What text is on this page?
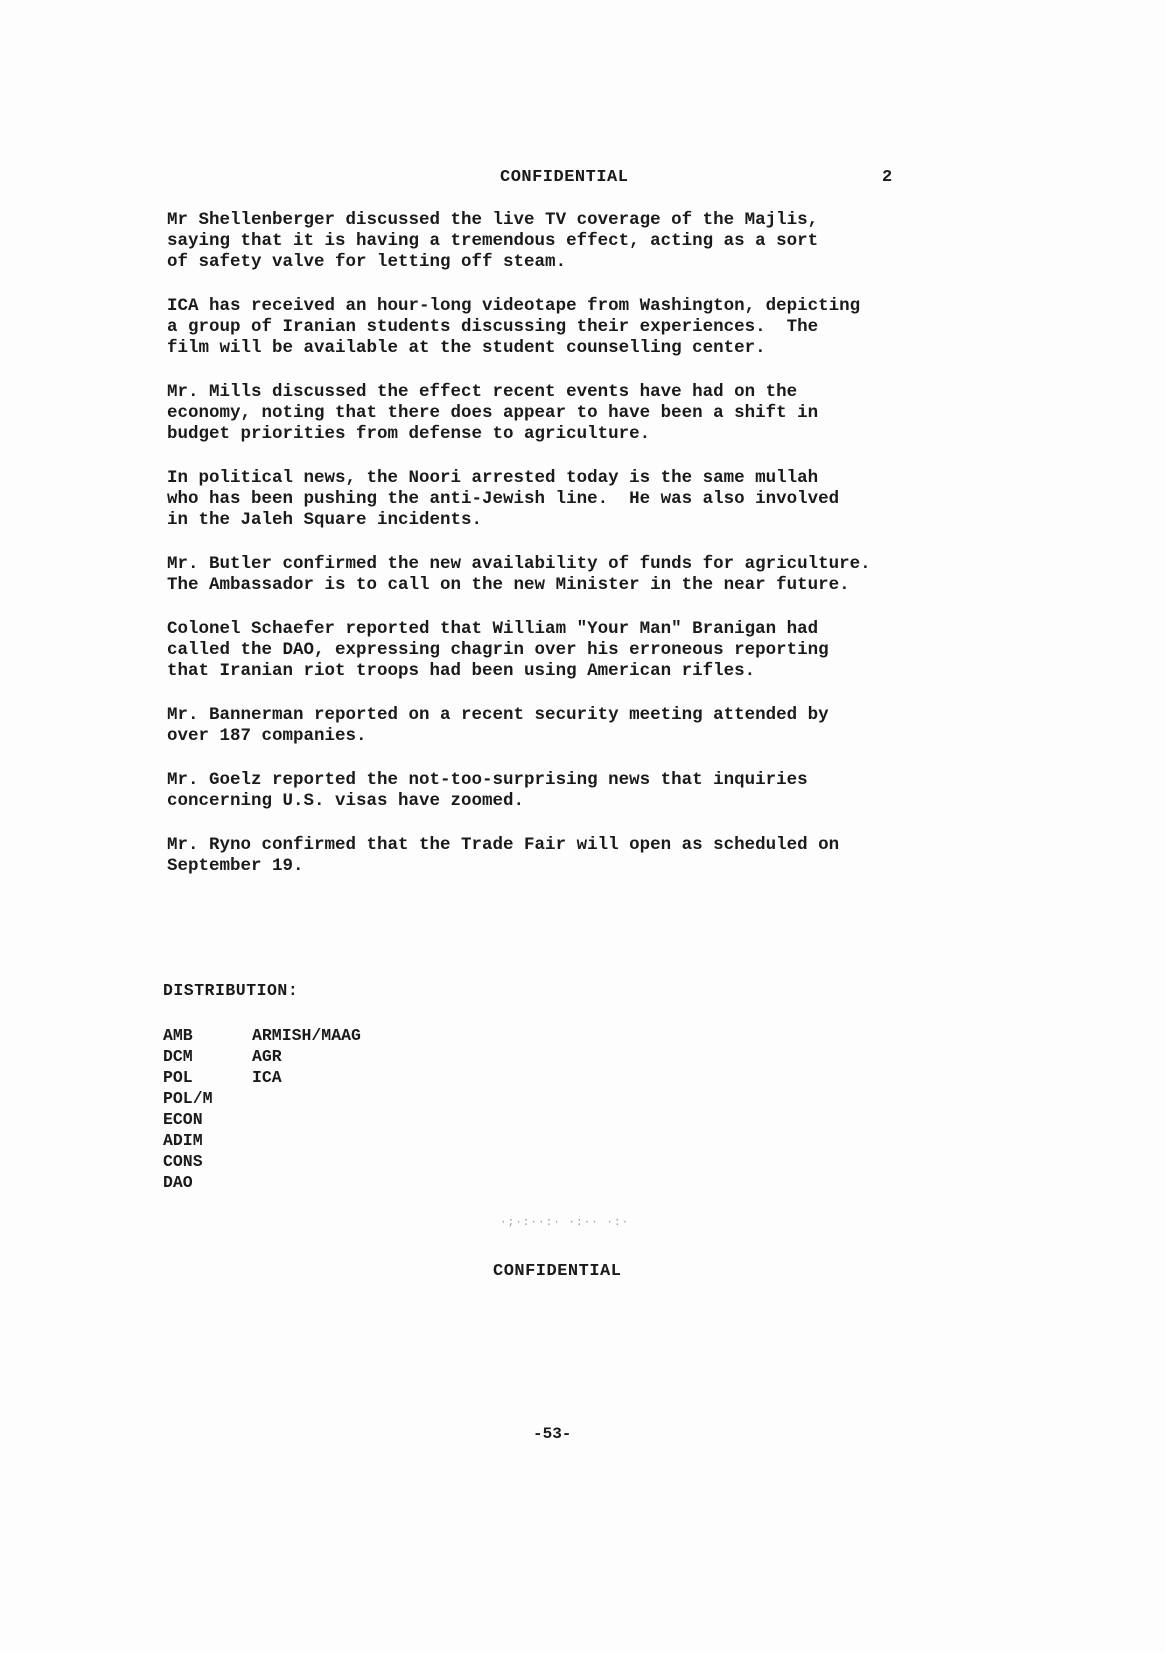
CONFIDENTIAL	2

Mr Shellenberger discussed the live TV coverage of the Majlis,
saying that it is having a tremendous effect, acting as a sort
of safety valve for letting off steam.

ICA has received an hour-long videotape from Washington, depicting
a group of Iranian students discussing their experiences.  The
film will be available at the student counselling center.

Mr. Mills discussed the effect recent events have had on the
economy, noting that there does appear to have been a shift in
budget priorities from defense to agriculture.

In political news, the Noori arrested today is the same mullah
who has been pushing the anti-Jewish line.  He was also involved
in the Jaleh Square incidents.

Mr. Butler confirmed the new availability of funds for agriculture.
The Ambassador is to call on the new Minister in the near future.

Colonel Schaefer reported that William "Your Man" Branigan had
called the DAO, expressing chagrin over his erroneous reporting
that Iranian riot troops had been using American rifles.

Mr. Bannerman reported on a recent security meeting attended by
over 187 companies.

Mr. Goelz reported the not-too-surprising news that inquiries
concerning U.S. visas have zoomed.

Mr. Ryno confirmed that the Trade Fair will open as scheduled on
September 19.

DISTRIBUTION:
AMB
DCM
POL
POL/M
ECON
ADIM
CONS
DAO
ARMISH/MAAG
AGR
ICA
·;·:··:· ·:·· ·:·
CONFIDENTIAL
-53-
